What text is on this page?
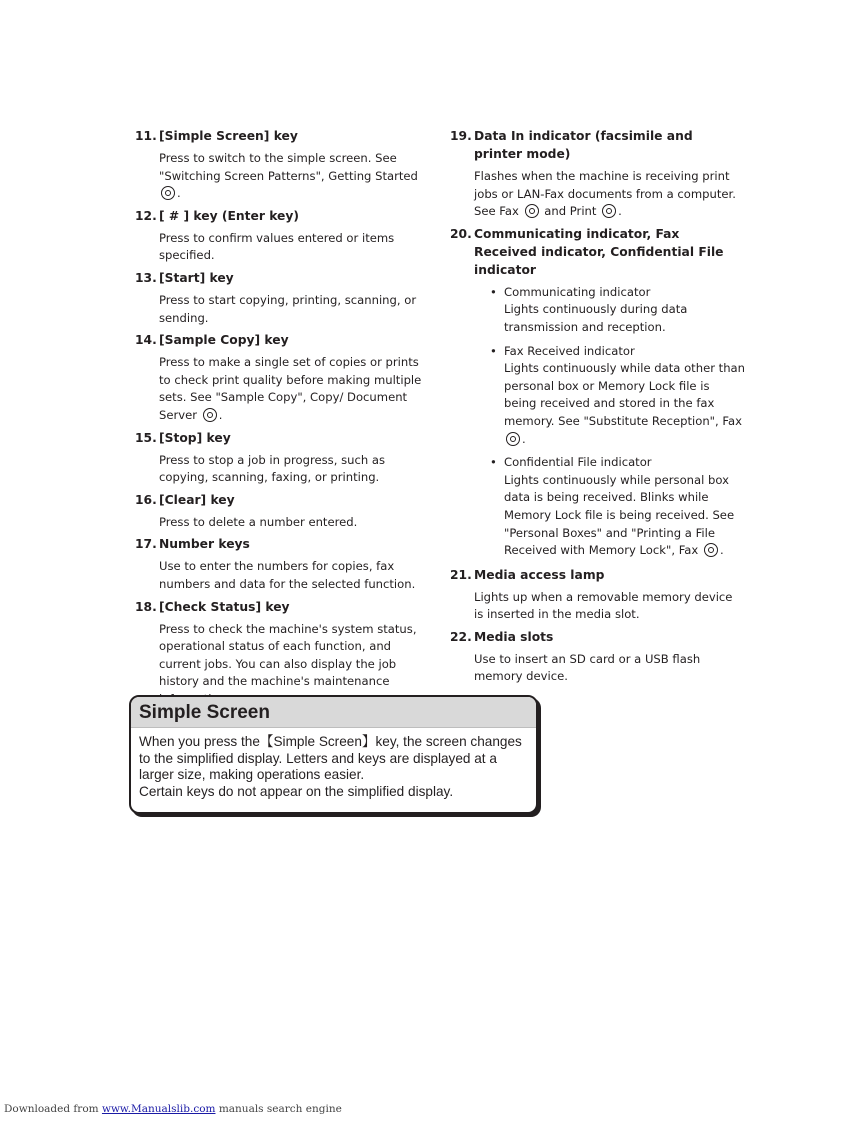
11. [Simple Screen] key
Press to switch to the simple screen. See "Switching Screen Patterns", Getting Started .
12. [ # ] key (Enter key)
Press to confirm values entered or items specified.
13. [Start] key
Press to start copying, printing, scanning, or sending.
14. [Sample Copy] key
Press to make a single set of copies or prints to check print quality before making multiple sets. See "Sample Copy", Copy/ Document Server .
15. [Stop] key
Press to stop a job in progress, such as copying, scanning, faxing, or printing.
16. [Clear] key
Press to delete a number entered.
17. Number keys
Use to enter the numbers for copies, fax numbers and data for the selected function.
18. [Check Status] key
Press to check the machine's system status, operational status of each function, and current jobs. You can also display the job history and the machine's maintenance
19. Data In indicator (facsimile and printer mode)
Flashes when the machine is receiving print jobs or LAN-Fax documents from a computer. See Fax and Print .
20. Communicating indicator, Fax Received indicator, Confidential File indicator
• Communicating indicator
Lights continuously during data transmission and reception.
• Fax Received indicator
Lights continuously while data other than personal box or Memory Lock file is being received and stored in the fax memory. See "Substitute Reception", Fax .
• Confidential File indicator
Lights continuously while personal box data is being received. Blinks while Memory Lock file is being received. See "Personal Boxes" and "Printing a File Received with Memory Lock", Fax .
21. Media access lamp
Lights up when a removable memory device is inserted in the media slot.
22. Media slots
Use to insert an SD card or a USB flash memory device.
Simple Screen

When you press the【Simple Screen】key, the screen changes to the simplified display. Letters and keys are displayed at a larger size, making operations easier.

Certain keys do not appear on the simplified display.

Downloaded from www.Manualslib.com manuals search engine
